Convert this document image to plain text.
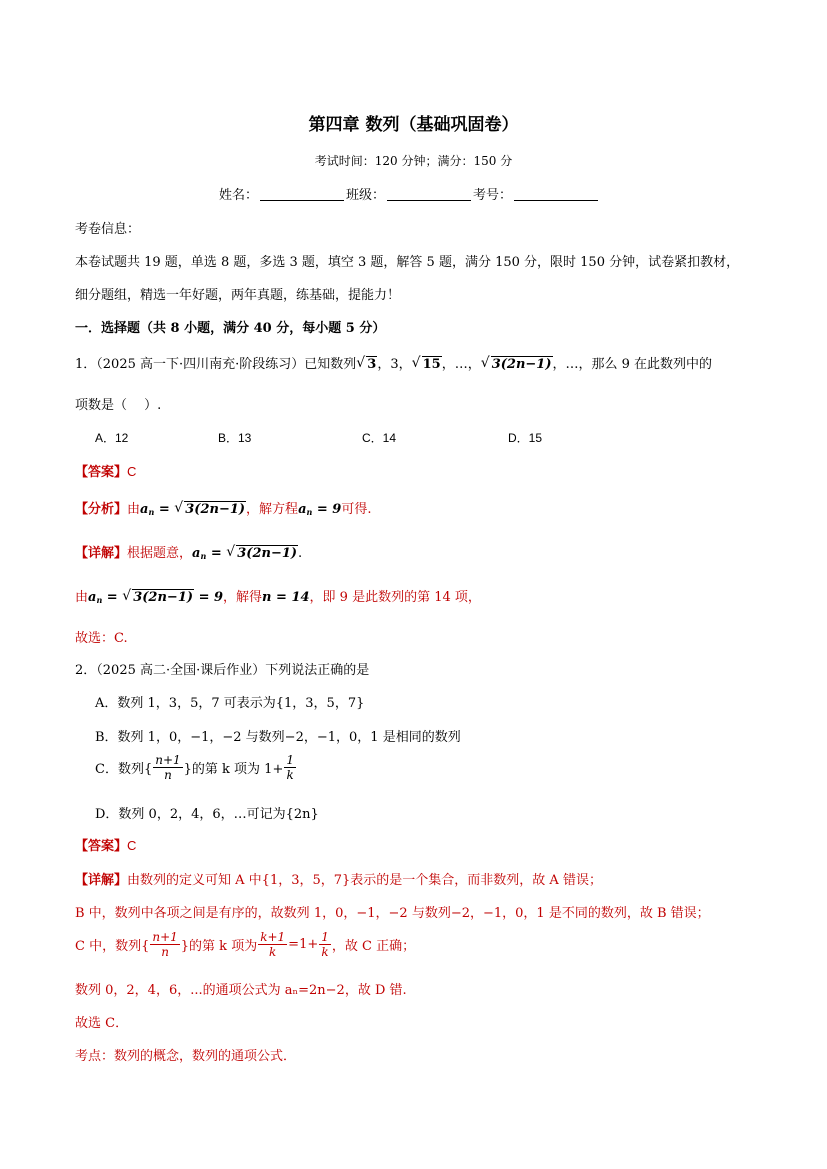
第四章 数列（基础巩固卷）
考试时间：120 分钟；满分：150 分
姓名：	班级：	考号：
考卷信息：
本卷试题共 19 题，单选 8 题，多选 3 题，填空 3 题，解答 5 题，满分 150 分，限时 150 分钟，试卷紧扣教材，
细分题组，精选一年好题，两年真题，练基础，提能力！
一．选择题（共 8 小题，满分 40 分，每小题 5 分）
1．（2025 高一下·四川南充·阶段练习）已知数列 √ 3，3， √ 15，…， √ 3(2n−1)，…，那么 9 在此数列中的
项数是（　 ）.
A．12	B．13	C．14	D．15
【答案】C
【分析】由$a_n$ = √ 3(2n−1)，解方程$a_n = 9$可得.
【详解】根据题意，$a_n$ = √ 3(2n−1).
由$a_n$ = √ 3(2n−1) = 9，解得n = 14，即 9 是此数列的第 14 项，
故选：C.
2．（2025 高二·全国·课后作业）下列说法正确的是
A．数列 1，3，5，7 可表示为{1，3，5，7}
B．数列 1，0，−1，−2 与数列−2，−1，0，1 是相同的数列
C．数列{ $\frac{n+1}{n}$ }的第 k 项为 $1+ \frac{1}{k}$
D．数列 0，2，4，6，…可记为{2n}
【答案】C
【详解】由数列的定义可知 A 中{1，3，5，7}表示的是一个集合，而非数列，故 A 错误；
B 中，数列中各项之间是有序的，故数列 1，0，−1，−2 与数列−2，−1，0，1 是不同的数列，故 B 错误；
C 中，数列{ $\frac{n+1}{n}$ }的第 k 项为 $\frac{k+1}{k} =1+ \frac{1}{k}$ ，故 C 正确；
数列 0，2，4，6，...的通项公式为 aₙ=2n−2，故 D 错.
故选 C．
考点：数列的概念，数列的通项公式．
